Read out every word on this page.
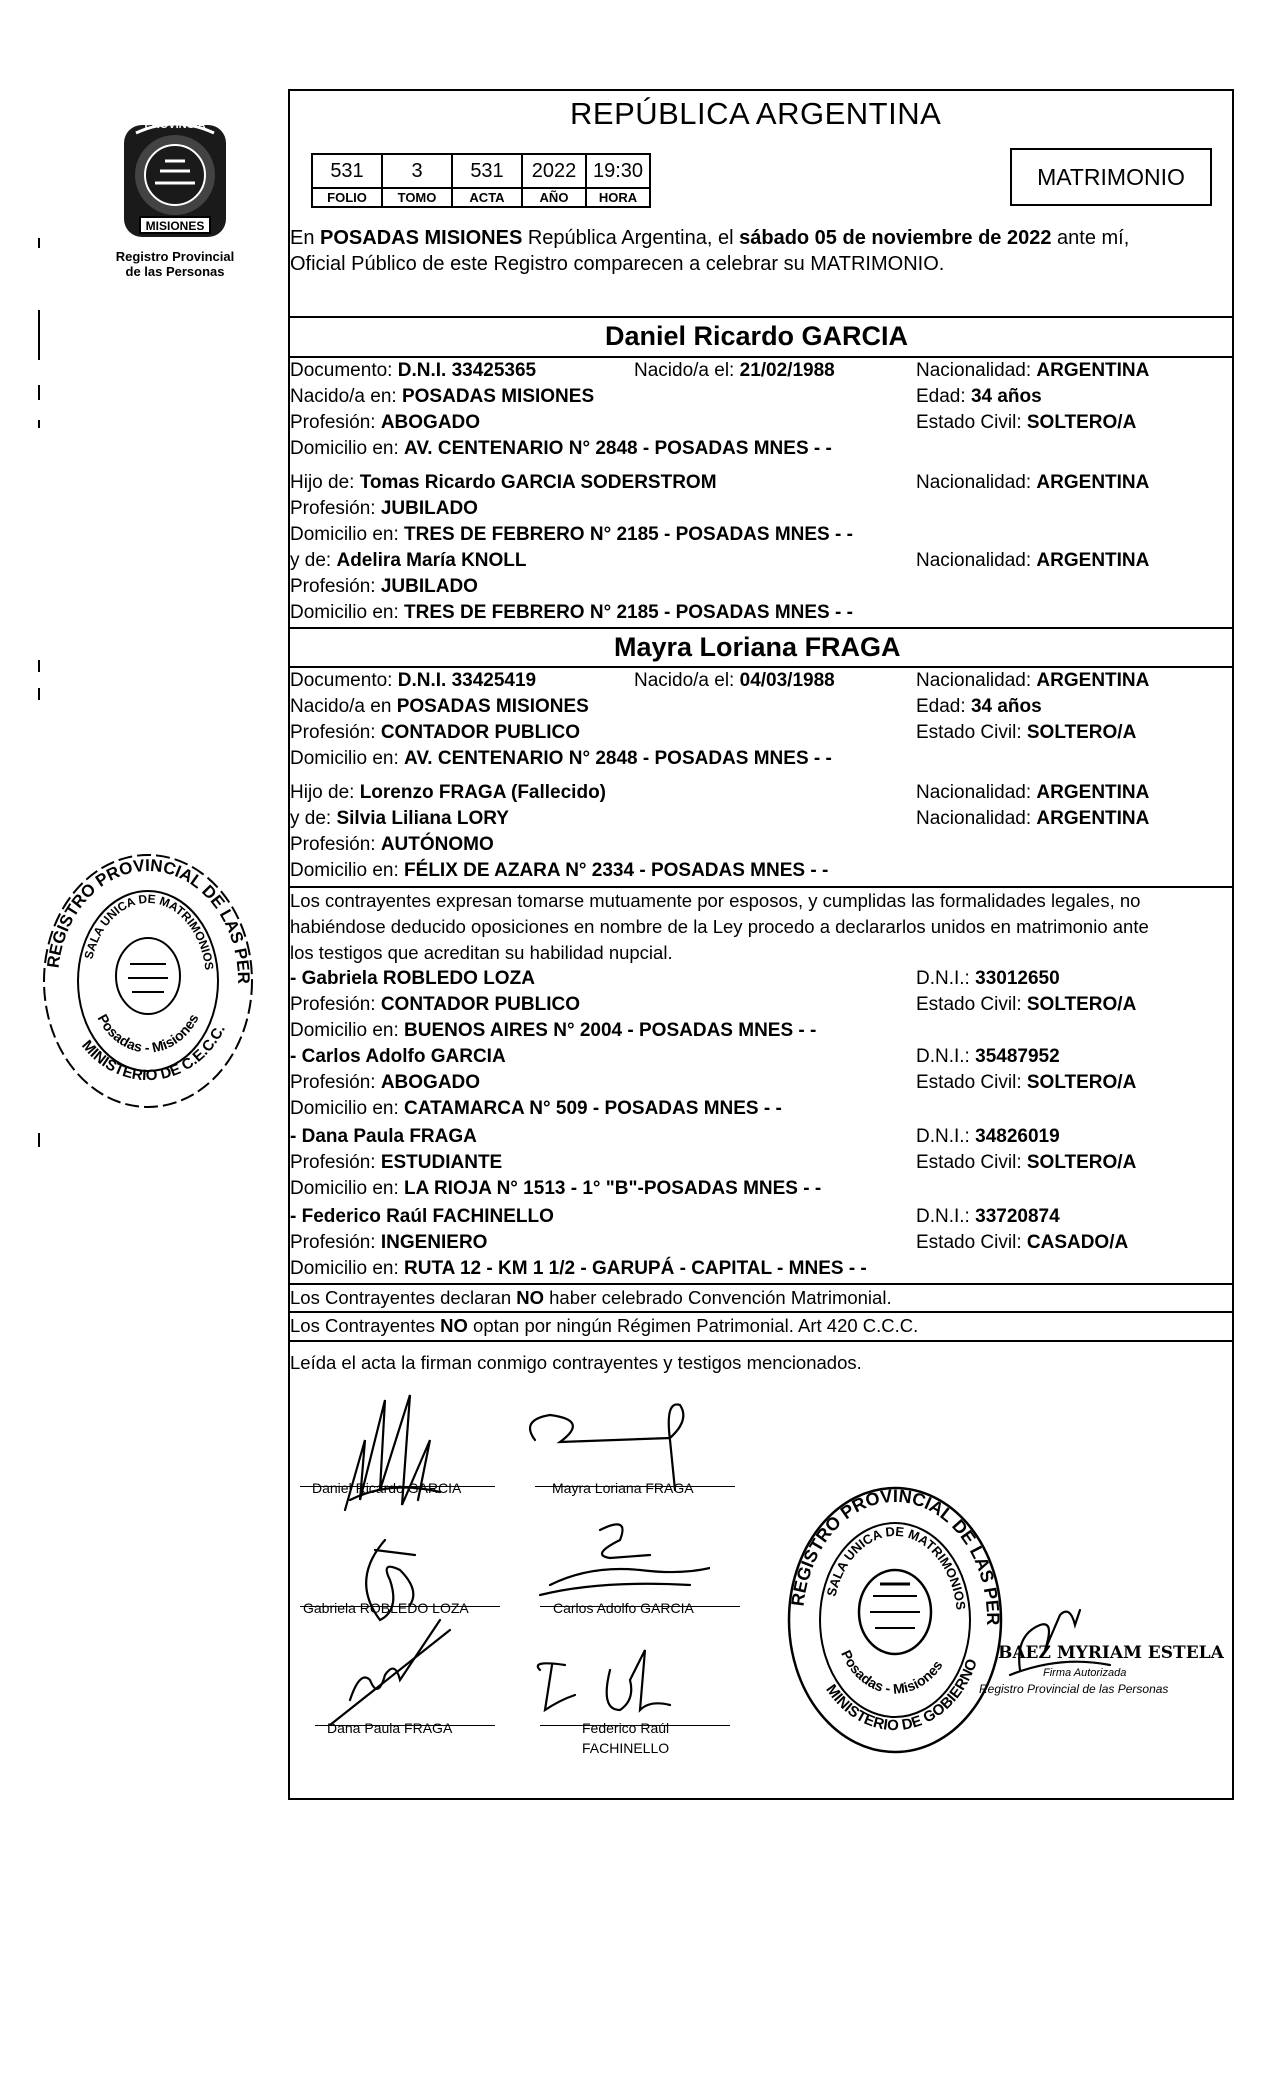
PROVINCIA
MISIONES
Registro Provincial
de las Personas
REGISTRO PROVINCIAL DE LAS PER
SALA UNICA DE MATRIMONIOS
MINISTERIO DE C.E.C.C.
Posadas - Misiones
REPÚBLICA ARGENTINA
531	3	531	2022	19:30
FOLIO	TOMO	ACTA	AÑO	HORA
MATRIMONIO
En POSADAS MISIONES República Argentina, el sábado 05 de noviembre de 2022 ante mí,
Oficial Público de este Registro comparecen a celebrar su MATRIMONIO.
Daniel Ricardo GARCIA
Documento: D.N.I. 33425365	Nacido/a el: 21/02/1988	Nacionalidad: ARGENTINA
Nacido/a en: POSADAS MISIONES	Edad: 34 años
Profesión: ABOGADO	Estado Civil: SOLTERO/A
Domicilio en: AV. CENTENARIO N° 2848 - POSADAS MNES - -
Hijo de: Tomas Ricardo GARCIA SODERSTROM	Nacionalidad: ARGENTINA
Profesión: JUBILADO
Domicilio en: TRES DE FEBRERO N° 2185 - POSADAS MNES - -
y de: Adelira María KNOLL	Nacionalidad: ARGENTINA
Profesión: JUBILADO
Domicilio en: TRES DE FEBRERO N° 2185 - POSADAS MNES - -
Mayra Loriana FRAGA
Documento: D.N.I. 33425419	Nacido/a el: 04/03/1988	Nacionalidad: ARGENTINA
Nacido/a en POSADAS MISIONES	Edad: 34 años
Profesión: CONTADOR PUBLICO	Estado Civil: SOLTERO/A
Domicilio en: AV. CENTENARIO N° 2848 - POSADAS MNES - -
Hijo de: Lorenzo FRAGA (Fallecido)	Nacionalidad: ARGENTINA
y de: Silvia Liliana LORY	Nacionalidad: ARGENTINA
Profesión: AUTÓNOMO
Domicilio en: FÉLIX DE AZARA N° 2334 - POSADAS MNES - -
Los contrayentes expresan tomarse mutuamente por esposos, y cumplidas las formalidades legales, no
habiéndose deducido oposiciones en nombre de la Ley procedo a declararlos unidos en matrimonio ante
los testigos que acreditan su habilidad nupcial.
- Gabriela ROBLEDO LOZA	D.N.I.: 33012650
Profesión: CONTADOR PUBLICO	Estado Civil: SOLTERO/A
Domicilio en: BUENOS AIRES N° 2004 - POSADAS MNES - -
- Carlos Adolfo GARCIA	D.N.I.: 35487952
Profesión: ABOGADO	Estado Civil: SOLTERO/A
Domicilio en: CATAMARCA N° 509 - POSADAS MNES - -
- Dana Paula FRAGA	D.N.I.: 34826019
Profesión: ESTUDIANTE	Estado Civil: SOLTERO/A
Domicilio en: LA RIOJA N° 1513 - 1° "B"-POSADAS MNES - -
- Federico Raúl FACHINELLO	D.N.I.: 33720874
Profesión: INGENIERO	Estado Civil: CASADO/A
Domicilio en: RUTA 12 - KM 1 1/2 - GARUPÁ - CAPITAL - MNES - -
Los Contrayentes declaran NO haber celebrado Convención Matrimonial.
Los Contrayentes NO optan por ningún Régimen Patrimonial. Art 420 C.C.C.
Leída el acta la firman conmigo contrayentes y testigos mencionados.
Daniel Ricardo GARCIA	Mayra Loriana FRAGA
Gabriela ROBLEDO LOZA	Carlos Adolfo GARCIA
Dana Paula FRAGA	Federico Raúl
FACHINELLO
REGISTRO PROVINCIAL DE LAS PER
SALA UNICA DE MATRIMONIOS
MINISTERIO DE GOBIERNO
Posadas - Misiones
BAEZ MYRIAM ESTELA
Firma Autorizada
Registro Provincial de las Personas
